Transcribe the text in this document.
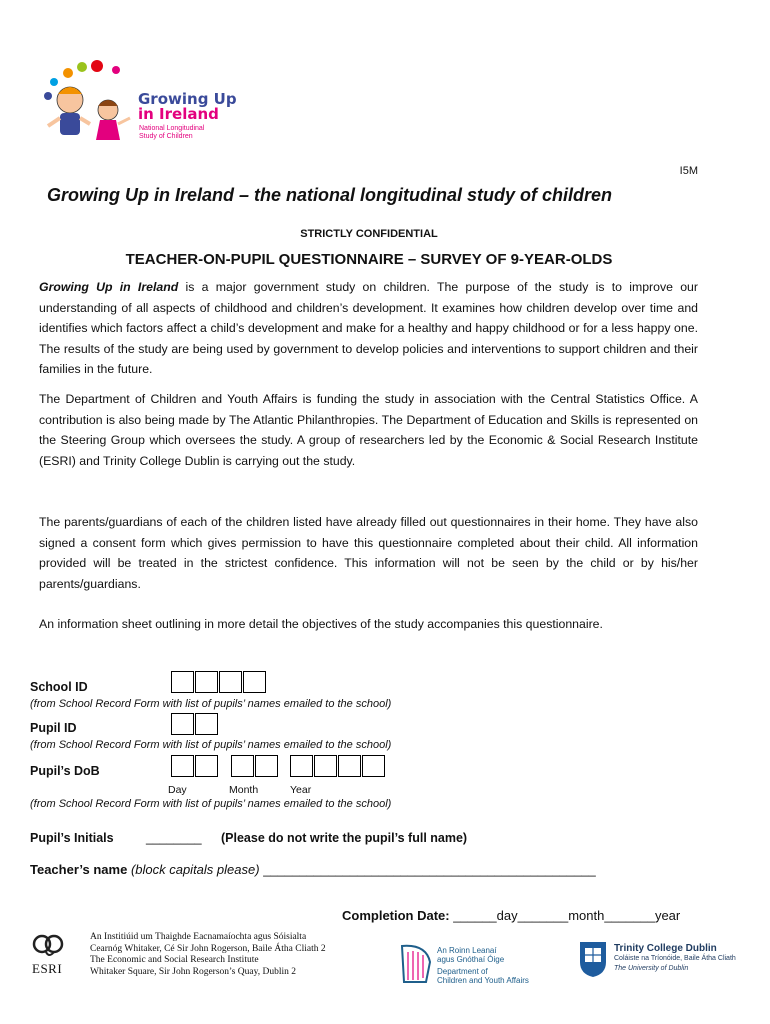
Growing Up
in Ireland
National Longitudinal
Study of Children
I5M
Growing Up in Ireland – the national longitudinal study of children
STRICTLY CONFIDENTIAL
TEACHER-ON-PUPIL QUESTIONNAIRE – SURVEY OF 9-YEAR-OLDS
Growing Up in Ireland is a major government study on children. The purpose of the study is to improve our understanding of all aspects of childhood and children’s development. It examines how children develop over time and identifies which factors affect a child’s development and make for a healthy and happy childhood or for a less happy one. The results of the study are being used by government to develop policies and interventions to support children and their families in the future.
The Department of Children and Youth Affairs is funding the study in association with the Central Statistics Office. A contribution is also being made by The Atlantic Philanthropies. The Department of Education and Skills is represented on the Steering Group which oversees the study. A group of researchers led by the Economic & Social Research Institute (ESRI) and Trinity College Dublin is carrying out the study.
The parents/guardians of each of the children listed have already filled out questionnaires in their home. They have also signed a consent form which gives permission to have this questionnaire completed about their child. All information provided will be treated in the strictest confidence. This information will not be seen by the child or by his/her parents/guardians.
An information sheet outlining in more detail the objectives of the study accompanies this questionnaire.
School ID
(from School Record Form with list of pupils’ names emailed to the school)
Pupil ID
(from School Record Form with list of pupils’ names emailed to the school)
Pupil’s DoB
Day	Month	Year
(from School Record Form with list of pupils’ names emailed to the school)
Pupil’s Initials	________ (Please do not write the pupil’s full name)
Teacher’s name (block capitals please) ______________________________________________
Completion Date: ______day_______month_______year
ESRI
An Institiúid um Thaighde Eacnamaíochta agus Sóisialta
Cearnóg Whitaker, Cé Sir John Rogerson, Baile Átha Cliath 2
The Economic and Social Research Institute
Whitaker Square, Sir John Rogerson’s Quay, Dublin 2
An Roinn Leanaí
agus Gnóthaí Óige
Department of
Children and Youth Affairs
Trinity College Dublin
Coláiste na Tríonóide, Baile Átha Cliath
The University of Dublin
